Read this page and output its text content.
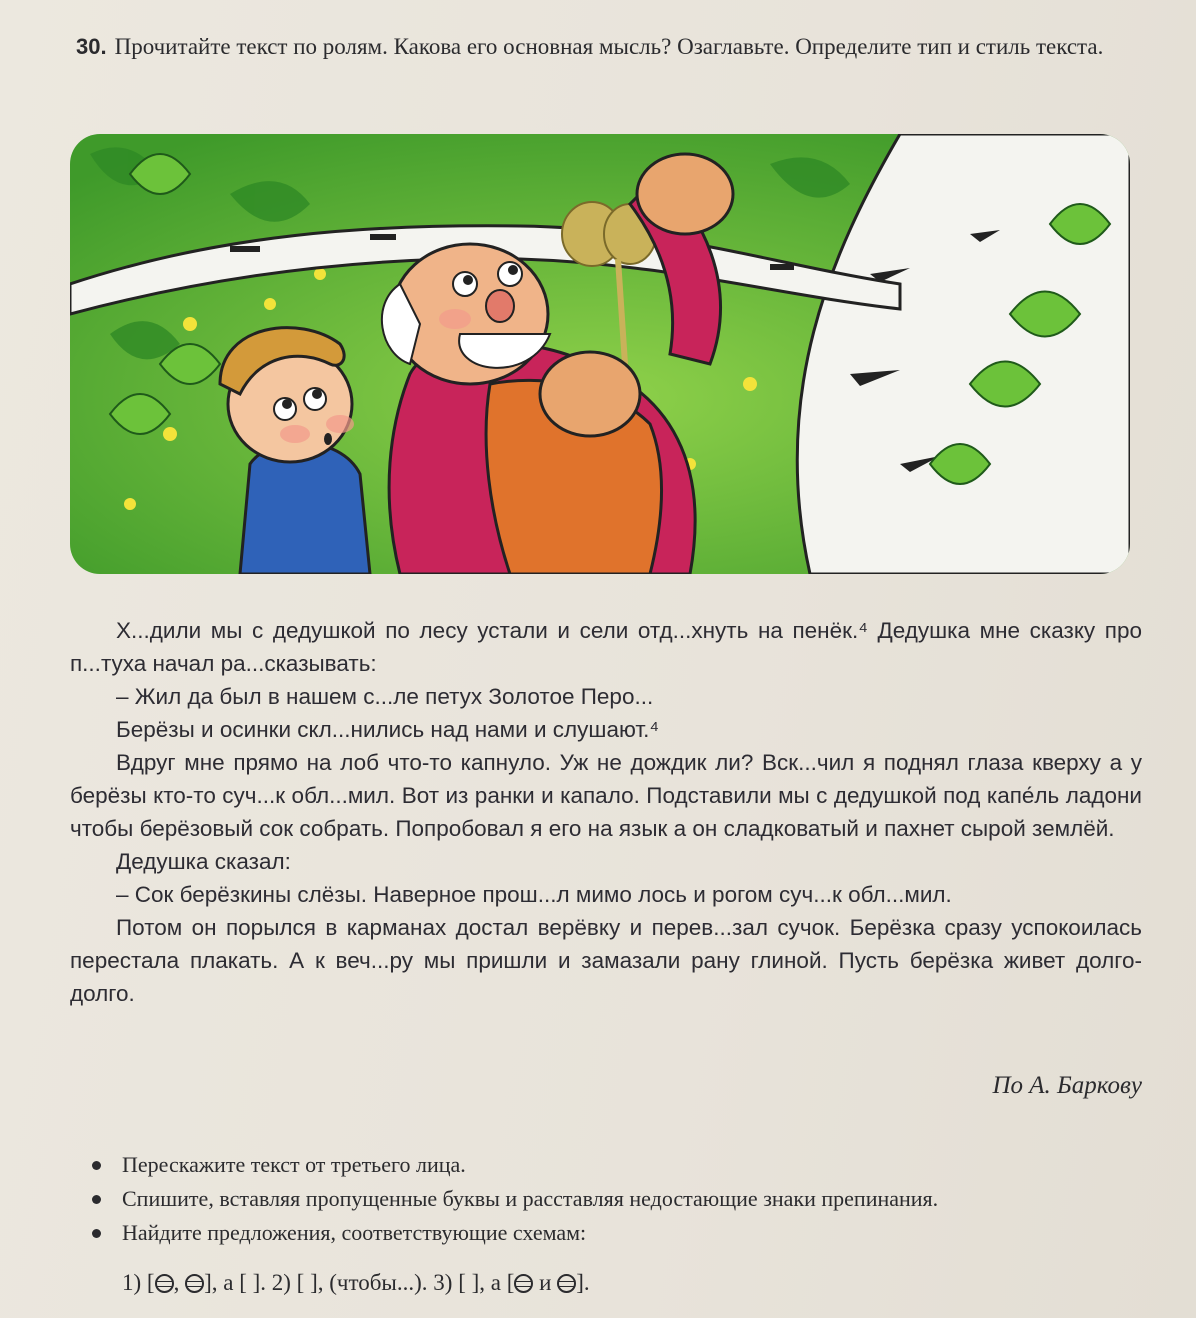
30. Прочитайте текст по ролям. Какова его основная мысль? Озаглавьте. Определите тип и стиль текста.

Х...дили мы с дедушкой по лесу устали и сели отд...хнуть на пенёк.⁴ Дедушка мне сказку про п...туха начал ра...сказывать:

– Жил да был в нашем с...ле петух Золотое Перо...

Берёзы и осинки скл...нились над нами и слушают.⁴

Вдруг мне прямо на лоб что-то капнуло. Уж не дождик ли? Вск...чил я поднял глаза кверху а у берёзы кто-то суч...к обл...мил. Вот из ранки и капало. Подставили мы с дедушкой под капе́ль ладони чтобы берёзовый сок собрать. Попробовал я его на язык а он сладковатый и пахнет сырой землёй.

Дедушка сказал:

– Сок берёзкины слёзы. Наверное прош...л мимо лось и рогом суч...к обл...мил.

Потом он порылся в карманах достал верёвку и перев...зал сучок. Берёзка сразу успокоилась перестала плакать. А к веч...ру мы пришли и замазали рану глиной. Пусть берёзка живет долго-долго.

По А. Баркову
Перескажите текст от третьего лица.
Спишите, вставляя пропущенные буквы и расставляя недостающие знаки препинания.
Найдите предложения, соответствующие схемам:
1) [ , ], а [ ]. 2) [ ], (чтобы...). 3) [ ], а [ и ].
